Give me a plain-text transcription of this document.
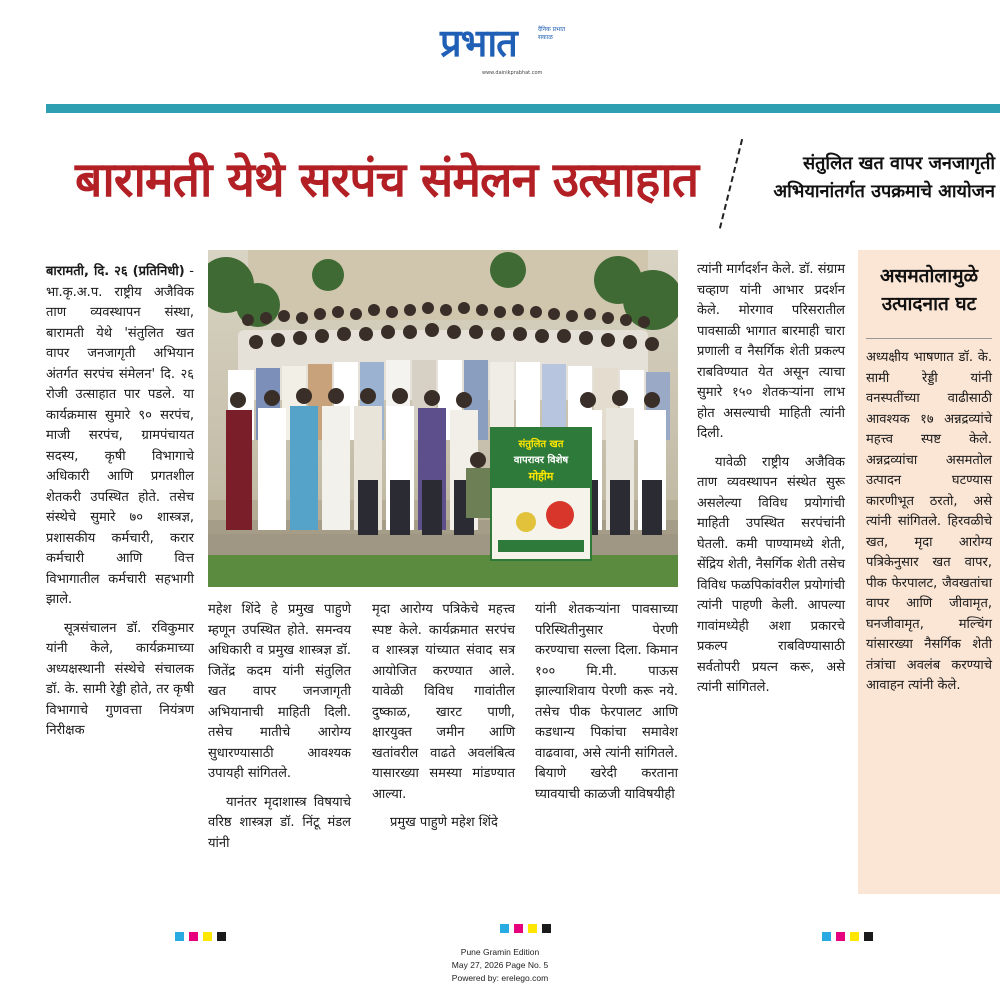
प्रभात	दैनिक प्रभात सकाळ
www.dainikprabhat.com
बारामती येथे सरपंच संमेलन उत्साहात	संतुलित खत वापर जनजागृती
अभियानांतर्गत उपक्रमाचे आयोजन

बारामती, दि. २६ (प्रतिनिधी) - भा.कृ.अ.प. राष्ट्रीय अजैविक ताण व्यवस्थापन संस्था, बारामती येथे 'संतुलित खत वापर जनजागृती अभियान अंतर्गत सरपंच संमेलन' दि. २६ रोजी उत्साहात पार पडले. या कार्यक्रमास सुमारे ९० सरपंच, माजी सरपंच, ग्रामपंचायत सदस्य, कृषी विभागाचे अधिकारी आणि प्रगतशील शेतकरी उपस्थित होते. तसेच संस्थेचे सुमारे ७० शास्त्रज्ञ, प्रशासकीय कर्मचारी, करार कर्मचारी आणि वित्त विभागातील कर्मचारी सहभागी झाले.

सूत्रसंचालन डॉ. रविकुमार यांनी केले, कार्यक्रमाच्या अध्यक्षस्थानी संस्थेचे संचालक डॉ. के. सामी रेड्डी होते, तर कृषी विभागाचे गुणवत्ता नियंत्रण निरीक्षक

संतुलित खत
वापरावर विशेष
मोहीम

महेश शिंदे हे प्रमुख पाहुणे म्हणून उपस्थित होते. समन्वय अधिकारी व प्रमुख शास्त्रज्ञ डॉ. जितेंद्र कदम यांनी संतुलित खत वापर जनजागृती अभियानाची माहिती दिली. तसेच मातीचे आरोग्य सुधारण्यासाठी आवश्यक उपायही सांगितले.

यानंतर मृदाशास्त्र विषयाचे वरिष्ठ शास्त्रज्ञ डॉ. निंटू मंडल यांनी

मृदा आरोग्य पत्रिकेचे महत्त्व स्पष्ट केले. कार्यक्रमात सरपंच व शास्त्रज्ञ यांच्यात संवाद सत्र आयोजित करण्यात आले. यावेळी विविध गावांतील दुष्काळ, खारट पाणी, क्षारयुक्त जमीन आणि खतांवरील वाढते अवलंबित्व यासारख्या समस्या मांडण्यात आल्या.

प्रमुख पाहुणे महेश शिंदे

यांनी शेतकऱ्यांना पावसाच्या परिस्थितीनुसार पेरणी करण्याचा सल्ला दिला. किमान १०० मि.मी. पाऊस झाल्याशिवाय पेरणी करू नये. तसेच पीक फेरपालट आणि कडधान्य पिकांचा समावेश वाढवावा, असे त्यांनी सांगितले. बियाणे खरेदी करताना घ्यावयाची काळजी याविषयीही

त्यांनी मार्गदर्शन केले. डॉ. संग्राम चव्हाण यांनी आभार प्रदर्शन केले. मोरगाव परिसरातील पावसाळी भागात बारमाही चारा प्रणाली व नैसर्गिक शेती प्रकल्प राबविण्यात येत असून त्याचा सुमारे १५० शेतकऱ्यांना लाभ होत असल्याची माहिती त्यांनी दिली.

यावेळी राष्ट्रीय अजैविक ताण व्यवस्थापन संस्थेत सुरू असलेल्या विविध प्रयोगांची माहिती उपस्थित सरपंचांनी घेतली. कमी पाण्यामध्ये शेती, सेंद्रिय शेती, नैसर्गिक शेती तसेच विविध फळपिकांवरील प्रयोगांची त्यांनी पाहणी केली. आपल्या गावांमध्येही अशा प्रकारचे प्रकल्प राबविण्यासाठी सर्वतोपरी प्रयत्न करू, असे त्यांनी सांगितले.

असमतोलामुळे
उत्पादनात घट

अध्यक्षीय भाषणात डॉ. के. सामी रेड्डी यांनी वनस्पतींच्या वाढीसाठी आवश्यक १७ अन्नद्रव्यांचे महत्त्व स्पष्ट केले. अन्नद्रव्यांचा असमतोल उत्पादन घटण्यास कारणीभूत ठरतो, असे त्यांनी सांगितले. हिरवळीचे खत, मृदा आरोग्य पत्रिकेनुसार खत वापर, पीक फेरपालट, जैवखतांचा वापर आणि जीवामृत, घनजीवामृत, मल्चिंग यांसारख्या नैसर्गिक शेती तंत्रांचा अवलंब करण्याचे आवाहन त्यांनी केले.

Pune Gramin Edition
May 27, 2026 Page No. 5
Powered by: erelego.com
